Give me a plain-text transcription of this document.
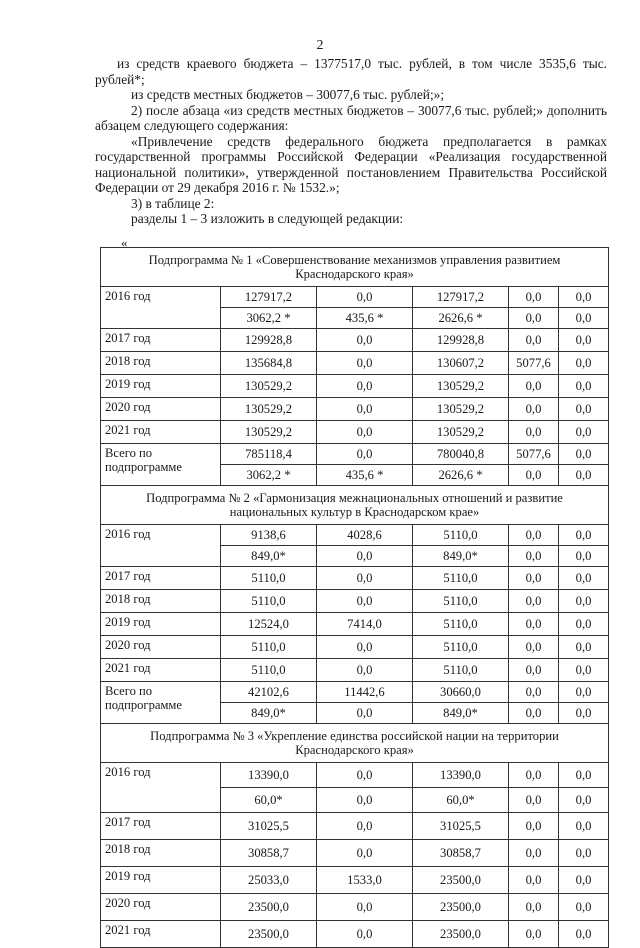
2

из средств краевого бюджета – 1377517,0 тыс. рублей, в том числе 3535,6 тыс. рублей*;

из средств местных бюджетов – 30077,6 тыс. рублей;»;

2) после абзаца «из средств местных бюджетов – 30077,6 тыс. рублей;» дополнить абзацем следующего содержания:

«Привлечение средств федерального бюджета предполагается в рамках государственной программы Российской Федерации «Реализация государственной национальной политики», утвержденной постановлением Правительства Российской Федерации от 29 декабря 2016 г. № 1532.»;

3) в таблице 2:

разделы 1 – 3 изложить в следующей редакции:

«
Подпрограмма № 1 «Совершенствование механизмов управления развитием Краснодарского края»					
2016 год	127917,2	0,0	127917,2	0,0	0,0
	3062,2 *	435,6 *	2626,6 *	0,0	0,0
2017 год	129928,8	0,0	129928,8	0,0	0,0
2018 год	135684,8	0,0	130607,2	5077,6	0,0
2019 год	130529,2	0,0	130529,2	0,0	0,0
2020 год	130529,2	0,0	130529,2	0,0	0,0
2021 год	130529,2	0,0	130529,2	0,0	0,0
Всего по подпрограмме	785118,4	0,0	780040,8	5077,6	0,0
	3062,2 *	435,6 *	2626,6 *	0,0	0,0
Подпрограмма № 2 «Гармонизация межнациональных отношений и развитие национальных культур в Краснодарском крае»					
2016 год	9138,6	4028,6	5110,0	0,0	0,0
	849,0*	0,0	849,0*	0,0	0,0
2017 год	5110,0	0,0	5110,0	0,0	0,0
2018 год	5110,0	0,0	5110,0	0,0	0,0
2019 год	12524,0	7414,0	5110,0	0,0	0,0
2020 год	5110,0	0,0	5110,0	0,0	0,0
2021 год	5110,0	0,0	5110,0	0,0	0,0
Всего по подпрограмме	42102,6	11442,6	30660,0	0,0	0,0
	849,0*	0,0	849,0*	0,0	0,0
Подпрограмма № 3 «Укрепление единства российской нации на территории Краснодарского края»					
2016 год	13390,0	0,0	13390,0	0,0	0,0
	60,0*	0,0	60,0*	0,0	0,0
2017 год	31025,5	0,0	31025,5	0,0	0,0
2018 год	30858,7	0,0	30858,7	0,0	0,0
2019 год	25033,0	1533,0	23500,0	0,0	0,0
2020 год	23500,0	0,0	23500,0	0,0	0,0
2021 год	23500,0	0,0	23500,0	0,0	0,0
